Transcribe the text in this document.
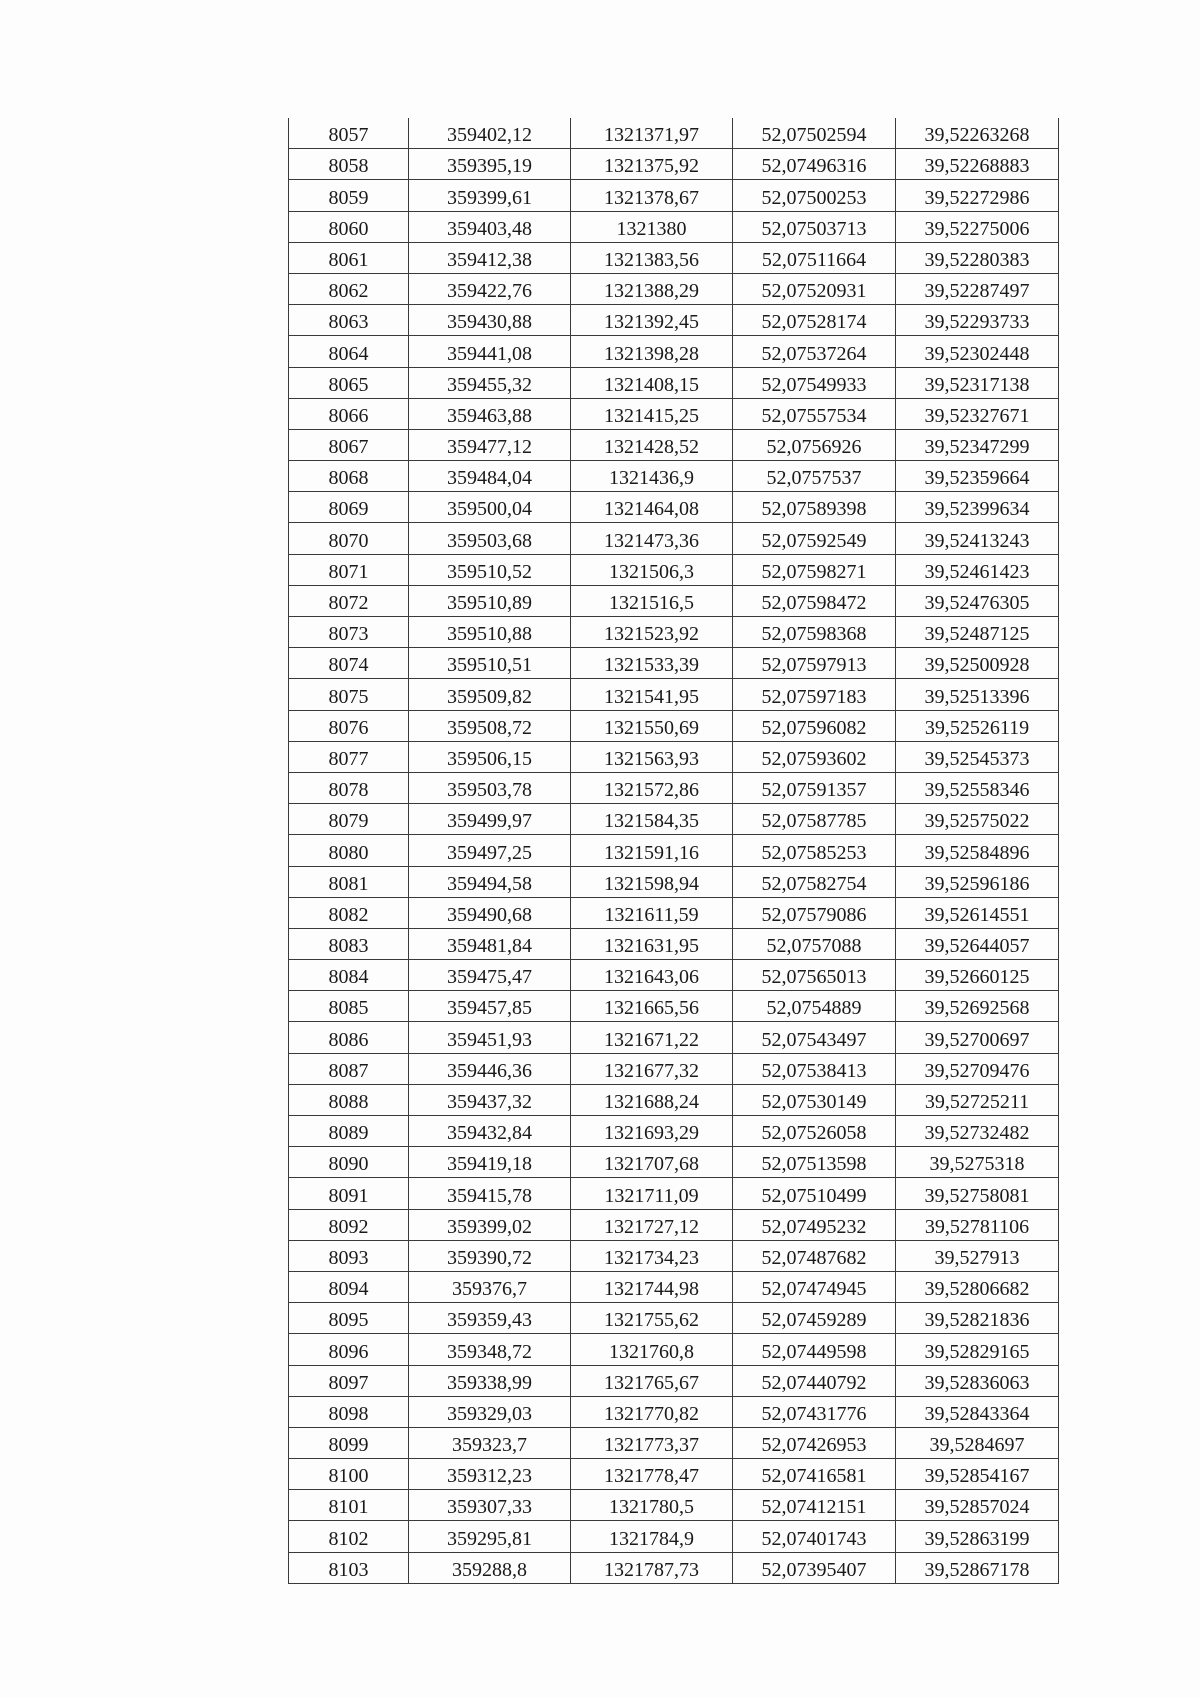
8057	359402,12	1321371,97	52,07502594	39,52263268
8058	359395,19	1321375,92	52,07496316	39,52268883
8059	359399,61	1321378,67	52,07500253	39,52272986
8060	359403,48	1321380	52,07503713	39,52275006
8061	359412,38	1321383,56	52,07511664	39,52280383
8062	359422,76	1321388,29	52,07520931	39,52287497
8063	359430,88	1321392,45	52,07528174	39,52293733
8064	359441,08	1321398,28	52,07537264	39,52302448
8065	359455,32	1321408,15	52,07549933	39,52317138
8066	359463,88	1321415,25	52,07557534	39,52327671
8067	359477,12	1321428,52	52,0756926	39,52347299
8068	359484,04	1321436,9	52,0757537	39,52359664
8069	359500,04	1321464,08	52,07589398	39,52399634
8070	359503,68	1321473,36	52,07592549	39,52413243
8071	359510,52	1321506,3	52,07598271	39,52461423
8072	359510,89	1321516,5	52,07598472	39,52476305
8073	359510,88	1321523,92	52,07598368	39,52487125
8074	359510,51	1321533,39	52,07597913	39,52500928
8075	359509,82	1321541,95	52,07597183	39,52513396
8076	359508,72	1321550,69	52,07596082	39,52526119
8077	359506,15	1321563,93	52,07593602	39,52545373
8078	359503,78	1321572,86	52,07591357	39,52558346
8079	359499,97	1321584,35	52,07587785	39,52575022
8080	359497,25	1321591,16	52,07585253	39,52584896
8081	359494,58	1321598,94	52,07582754	39,52596186
8082	359490,68	1321611,59	52,07579086	39,52614551
8083	359481,84	1321631,95	52,0757088	39,52644057
8084	359475,47	1321643,06	52,07565013	39,52660125
8085	359457,85	1321665,56	52,0754889	39,52692568
8086	359451,93	1321671,22	52,07543497	39,52700697
8087	359446,36	1321677,32	52,07538413	39,52709476
8088	359437,32	1321688,24	52,07530149	39,52725211
8089	359432,84	1321693,29	52,07526058	39,52732482
8090	359419,18	1321707,68	52,07513598	39,5275318
8091	359415,78	1321711,09	52,07510499	39,52758081
8092	359399,02	1321727,12	52,07495232	39,52781106
8093	359390,72	1321734,23	52,07487682	39,527913
8094	359376,7	1321744,98	52,07474945	39,52806682
8095	359359,43	1321755,62	52,07459289	39,52821836
8096	359348,72	1321760,8	52,07449598	39,52829165
8097	359338,99	1321765,67	52,07440792	39,52836063
8098	359329,03	1321770,82	52,07431776	39,52843364
8099	359323,7	1321773,37	52,07426953	39,5284697
8100	359312,23	1321778,47	52,07416581	39,52854167
8101	359307,33	1321780,5	52,07412151	39,52857024
8102	359295,81	1321784,9	52,07401743	39,52863199
8103	359288,8	1321787,73	52,07395407	39,52867178
